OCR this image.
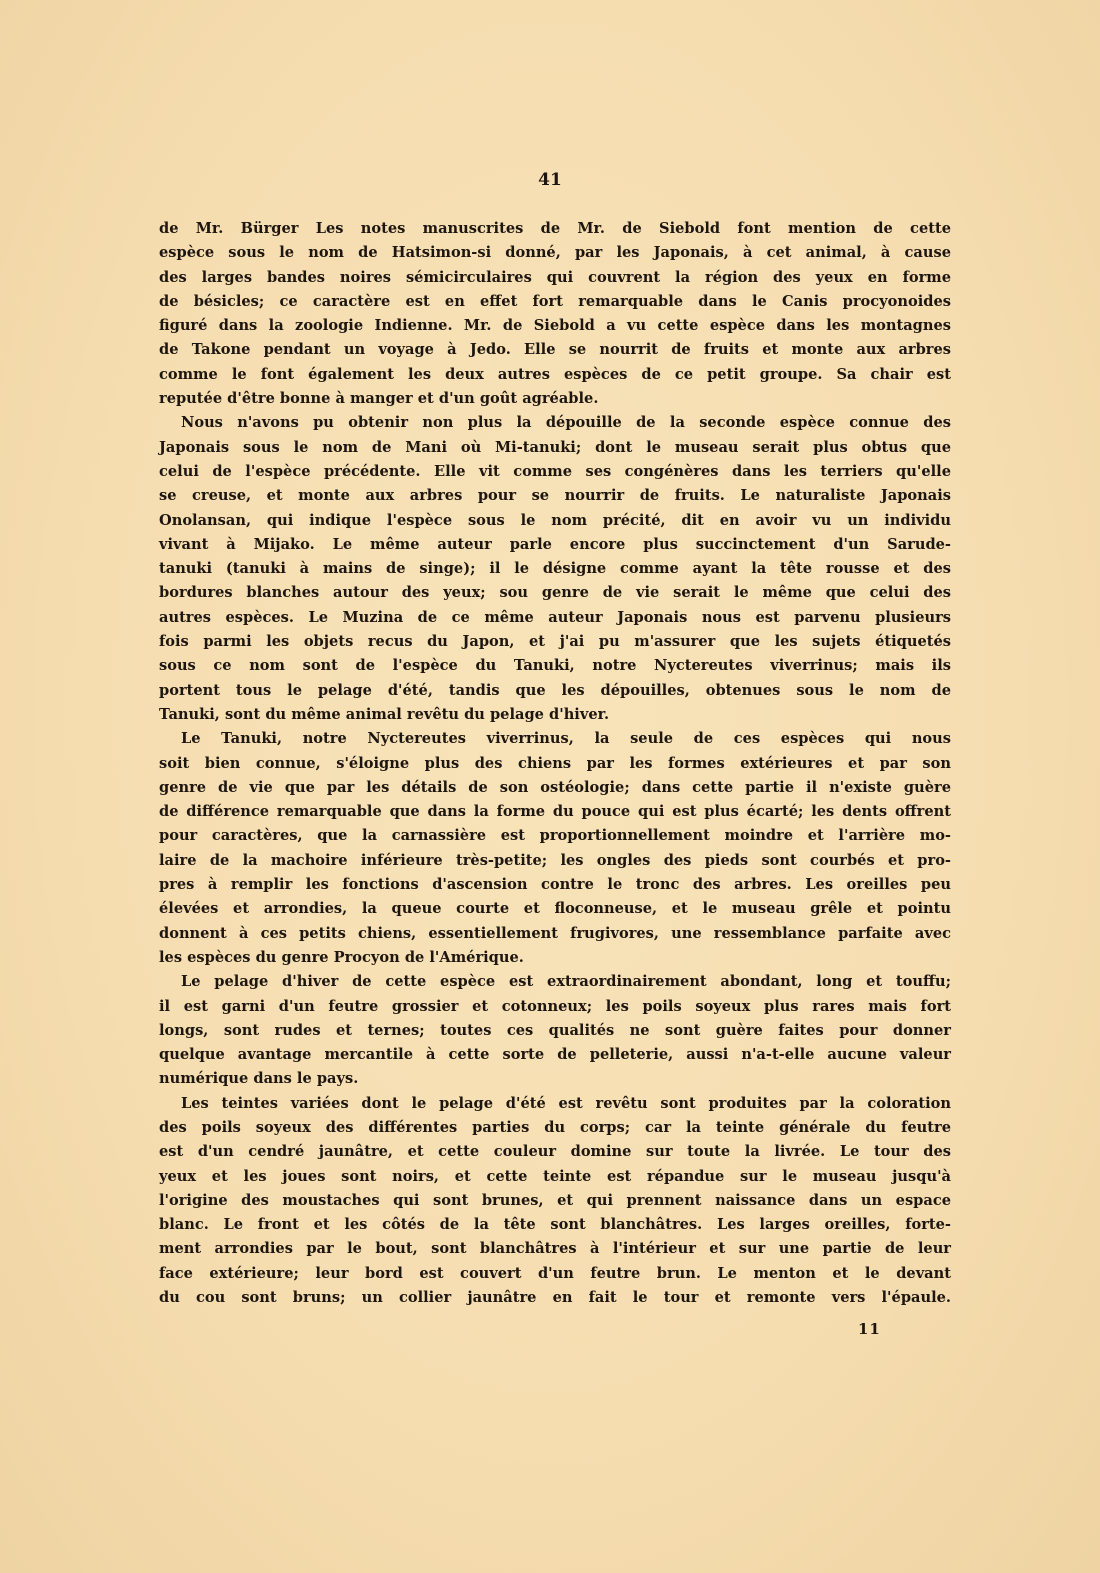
41
de Mr. Bürger Les notes manuscrites de Mr. de Siebold font mention de cette
espèce sous le nom de Hatsimon-si donné, par les Japonais, à cet animal, à cause
des larges bandes noires sémicirculaires qui couvrent la région des yeux en forme
de bésicles; ce caractère est en effet fort remarquable dans le Canis procyonoides
figuré dans la zoologie Indienne. Mr. de Siebold a vu cette espèce dans les montagnes
de Takone pendant un voyage à Jedo. Elle se nourrit de fruits et monte aux arbres
comme le font également les deux autres espèces de ce petit groupe. Sa chair est
reputée d'être bonne à manger et d'un goût agréable.
Nous n'avons pu obtenir non plus la dépouille de la seconde espèce connue des
Japonais sous le nom de Mani où Mi-tanuki; dont le museau serait plus obtus que
celui de l'espèce précédente. Elle vit comme ses congénères dans les terriers qu'elle
se creuse, et monte aux arbres pour se nourrir de fruits. Le naturaliste Japonais
Onolansan, qui indique l'espèce sous le nom précité, dit en avoir vu un individu
vivant à Mijako. Le même auteur parle encore plus succinctement d'un Sarude-
tanuki (tanuki à mains de singe); il le désigne comme ayant la tête rousse et des
bordures blanches autour des yeux; sou genre de vie serait le même que celui des
autres espèces. Le Muzina de ce même auteur Japonais nous est parvenu plusieurs
fois parmi les objets recus du Japon, et j'ai pu m'assurer que les sujets étiquetés
sous ce nom sont de l'espèce du Tanuki, notre Nyctereutes viverrinus; mais ils
portent tous le pelage d'été, tandis que les dépouilles, obtenues sous le nom de
Tanuki, sont du même animal revêtu du pelage d'hiver.
Le Tanuki, notre Nyctereutes viverrinus, la seule de ces espèces qui nous
soit bien connue, s'éloigne plus des chiens par les formes extérieures et par son
genre de vie que par les détails de son ostéologie; dans cette partie il n'existe guère
de différence remarquable que dans la forme du pouce qui est plus écarté; les dents offrent
pour caractères, que la carnassière est proportionnellement moindre et l'arrière mo-
laire de la machoire inférieure très-petite; les ongles des pieds sont courbés et pro-
pres à remplir les fonctions d'ascension contre le tronc des arbres. Les oreilles peu
élevées et arrondies, la queue courte et floconneuse, et le museau grêle et pointu
donnent à ces petits chiens, essentiellement frugivores, une ressemblance parfaite avec
les espèces du genre Procyon de l'Amérique.
Le pelage d'hiver de cette espèce est extraordinairement abondant, long et touffu;
il est garni d'un feutre grossier et cotonneux; les poils soyeux plus rares mais fort
longs, sont rudes et ternes; toutes ces qualités ne sont guère faites pour donner
quelque avantage mercantile à cette sorte de pelleterie, aussi n'a-t-elle aucune valeur
numérique dans le pays.
Les teintes variées dont le pelage d'été est revêtu sont produites par la coloration
des poils soyeux des différentes parties du corps; car la teinte générale du feutre
est d'un cendré jaunâtre, et cette couleur domine sur toute la livrée. Le tour des
yeux et les joues sont noirs, et cette teinte est répandue sur le museau jusqu'à
l'origine des moustaches qui sont brunes, et qui prennent naissance dans un espace
blanc. Le front et les côtés de la tête sont blanchâtres. Les larges oreilles, forte-
ment arrondies par le bout, sont blanchâtres à l'intérieur et sur une partie de leur
face extérieure; leur bord est couvert d'un feutre brun. Le menton et le devant
du cou sont bruns; un collier jaunâtre en fait le tour et remonte vers l'épaule.
11
